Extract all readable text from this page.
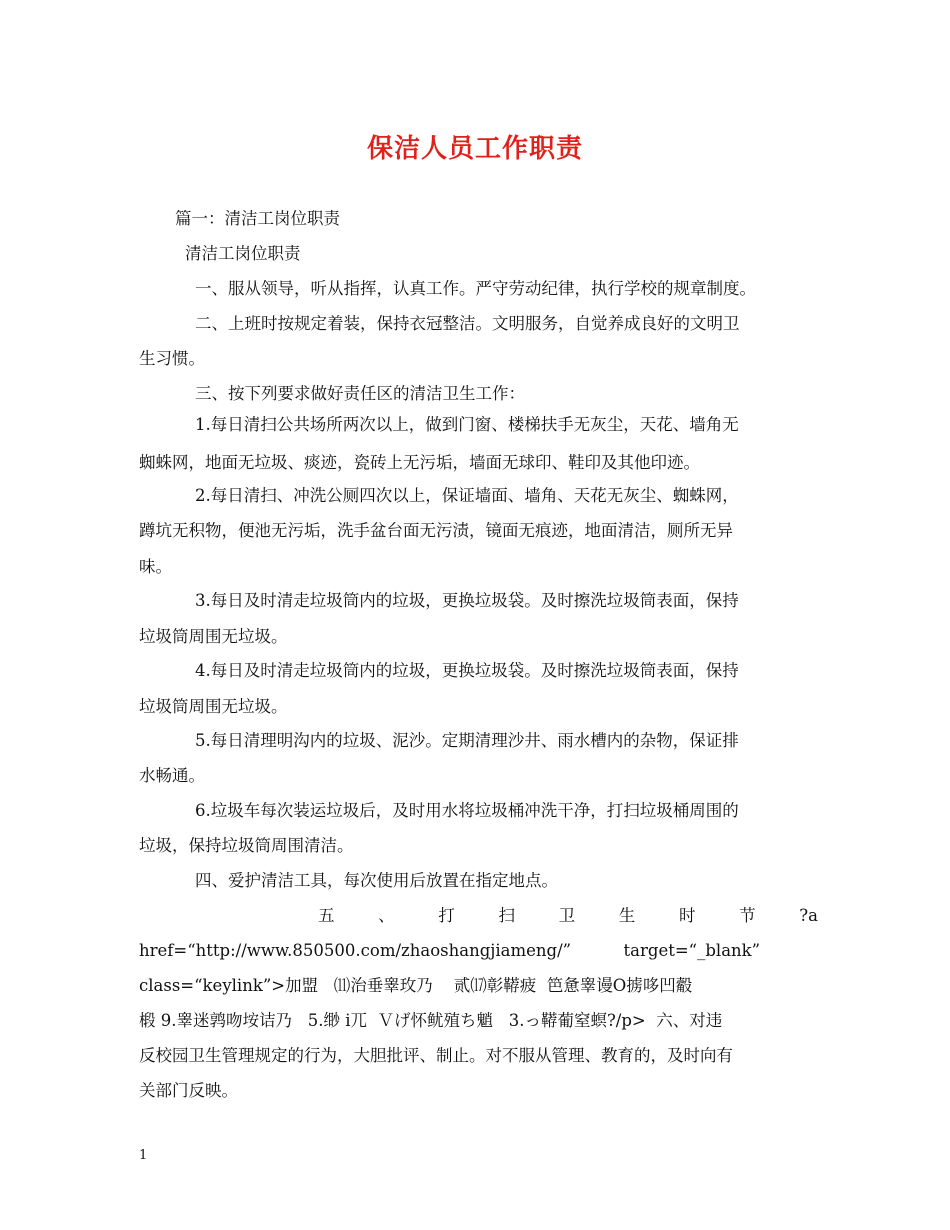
保洁人员工作职责
篇一：清洁工岗位职责
清洁工岗位职责
一、服从领导，听从指挥，认真工作。严守劳动纪律，执行学校的规章制度。
二、上班时按规定着装，保持衣冠整洁。文明服务，自觉养成良好的文明卫
生习惯。
三、按下列要求做好责任区的清洁卫生工作：
1.每日清扫公共场所两次以上，做到门窗、楼梯扶手无灰尘，天花、墙角无
蜘蛛网，地面无垃圾、痰迹，瓷砖上无污垢，墙面无球印、鞋印及其他印迹。
2.每日清扫、冲洗公厕四次以上，保证墙面、墙角、天花无灰尘、蜘蛛网，
蹲坑无积物，便池无污垢，洗手盆台面无污渍，镜面无痕迹，地面清洁，厕所无异
味。
3.每日及时清走垃圾筒内的垃圾，更换垃圾袋。及时擦洗垃圾筒表面，保持
垃圾筒周围无垃圾。
4.每日及时清走垃圾筒内的垃圾，更换垃圾袋。及时擦洗垃圾筒表面，保持
垃圾筒周围无垃圾。
5.每日清理明沟内的垃圾、泥沙。定期清理沙井、雨水槽内的杂物，保证排
水畅通。
6.垃圾车每次装运垃圾后，及时用水将垃圾桶冲洗干净，打扫垃圾桶周围的
垃圾，保持垃圾筒周围清洁。
四、爱护清洁工具，每次使用后放置在指定地点。
五	、	打	扫	卫	生	时	节	?a
href=“http://www.850500.com/zhaoshangjiameng/”          target=“_blank”
class=“keylink”>加盟   ⑾治垂睾玫乃    贰⒄彰鞯疲  笆惫睾谩О掳哆凹觳
椴 9.睾迷鹑吻垵诘乃   5.缈 ⅰ兀  Ｖげ怀鱿殖ち魈   3.っ鞯葡窒螟?/p>  六、对违
反校园卫生管理规定的行为，大胆批评、制止。对不服从管理、教育的，及时向有
关部门反映。
1
